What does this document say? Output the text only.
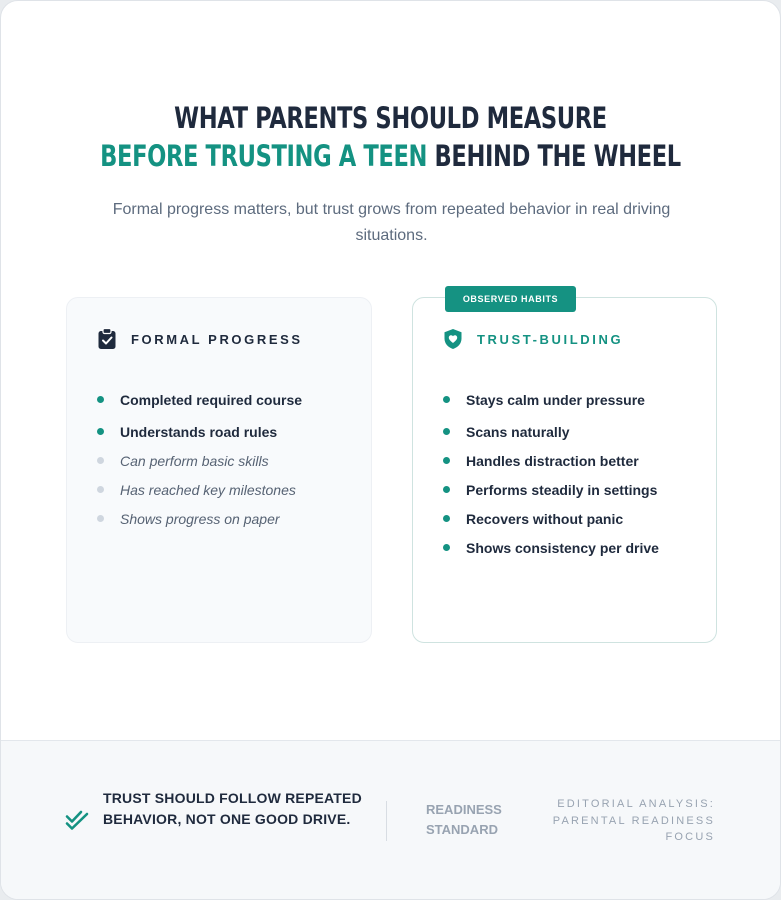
WHAT PARENTS SHOULD MEASURE
BEFORE TRUSTING A TEEN BEHIND THE WHEEL

Formal progress matters, but trust grows from repeated behavior in real driving situations.

FORMAL PROGRESS
Completed required course
Understands road rules
Can perform basic skills
Has reached key milestones
Shows progress on paper
TRUST-BUILDING
Stays calm under pressure
Scans naturally
Handles distraction better
Performs steadily in settings
Recovers without panic
Shows consistency per drive
OBSERVED HABITS

TRUST SHOULD FOLLOW REPEATED BEHAVIOR, NOT ONE GOOD DRIVE.

READINESS
STANDARD

EDITORIAL ANALYSIS:
PARENTAL READINESS
FOCUS
